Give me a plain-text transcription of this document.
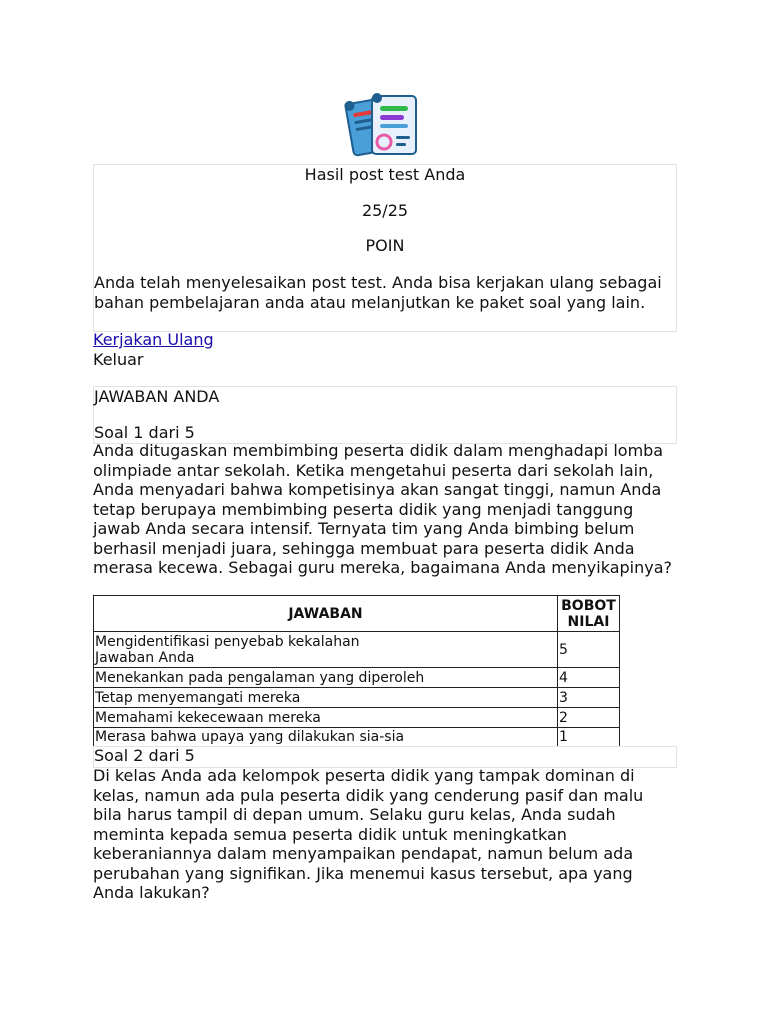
Hasil post test Anda
25/25
POIN
Anda telah menyelesaikan post test. Anda bisa kerjakan ulang sebagai bahan pembelajaran anda atau melanjutkan ke paket soal yang lain.
Kerjakan Ulang
Keluar
JAWABAN ANDA
Soal 1 dari 5
Anda ditugaskan membimbing peserta didik dalam menghadapi lomba olimpiade antar sekolah. Ketika mengetahui peserta dari sekolah lain, Anda menyadari bahwa kompetisinya akan sangat tinggi, namun Anda tetap berupaya membimbing peserta didik yang menjadi tanggung jawab Anda secara intensif. Ternyata tim yang Anda bimbing belum berhasil menjadi juara, sehingga membuat para peserta didik Anda merasa kecewa. Sebagai guru mereka, bagaimana Anda menyikapinya?
JAWABAN	BOBOT NILAI

Mengidentifikasi penyebab kekalahan
Jawaban Anda	5
Menekankan pada pengalaman yang diperoleh	4
Tetap menyemangati mereka	3
Memahami kekecewaan mereka	2
Merasa bahwa upaya yang dilakukan sia-sia	1
Soal 2 dari 5
Di kelas Anda ada kelompok peserta didik yang tampak dominan di kelas, namun ada pula peserta didik yang cenderung pasif dan malu bila harus tampil di depan umum. Selaku guru kelas, Anda sudah meminta kepada semua peserta didik untuk meningkatkan keberaniannya dalam menyampaikan pendapat, namun belum ada perubahan yang signifikan. Jika menemui kasus tersebut, apa yang Anda lakukan?
